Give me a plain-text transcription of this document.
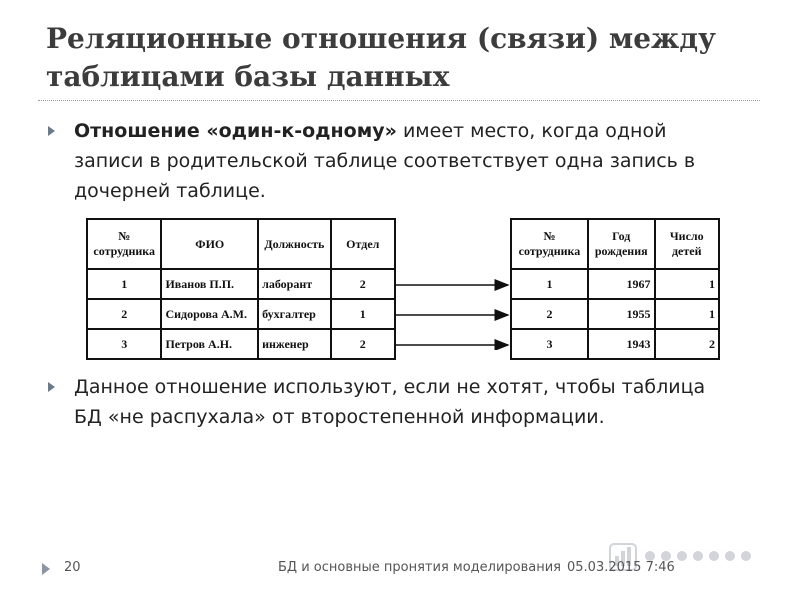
Реляционные отношения (связи) между таблицами базы данных
Отношение «один-к-одному» имеет место, когда одной записи в родительской таблице соответствует одна запись в дочерней таблице.
№ сотрудника	ФИО	Должность	Отдел
1	Иванов П.П.	лаборант	2
2	Сидорова А.М.	бухгалтер	1
3	Петров А.Н.	инженер	2
№ сотрудника	Год рождения	Число детей
1	1967	1
2	1955	1
3	1943	2
Данное отношение используют, если не хотят, чтобы таблица БД «не распухала» от второстепенной информации.
20	БД и основные пронятия моделирования 05.03.2015 7:46
